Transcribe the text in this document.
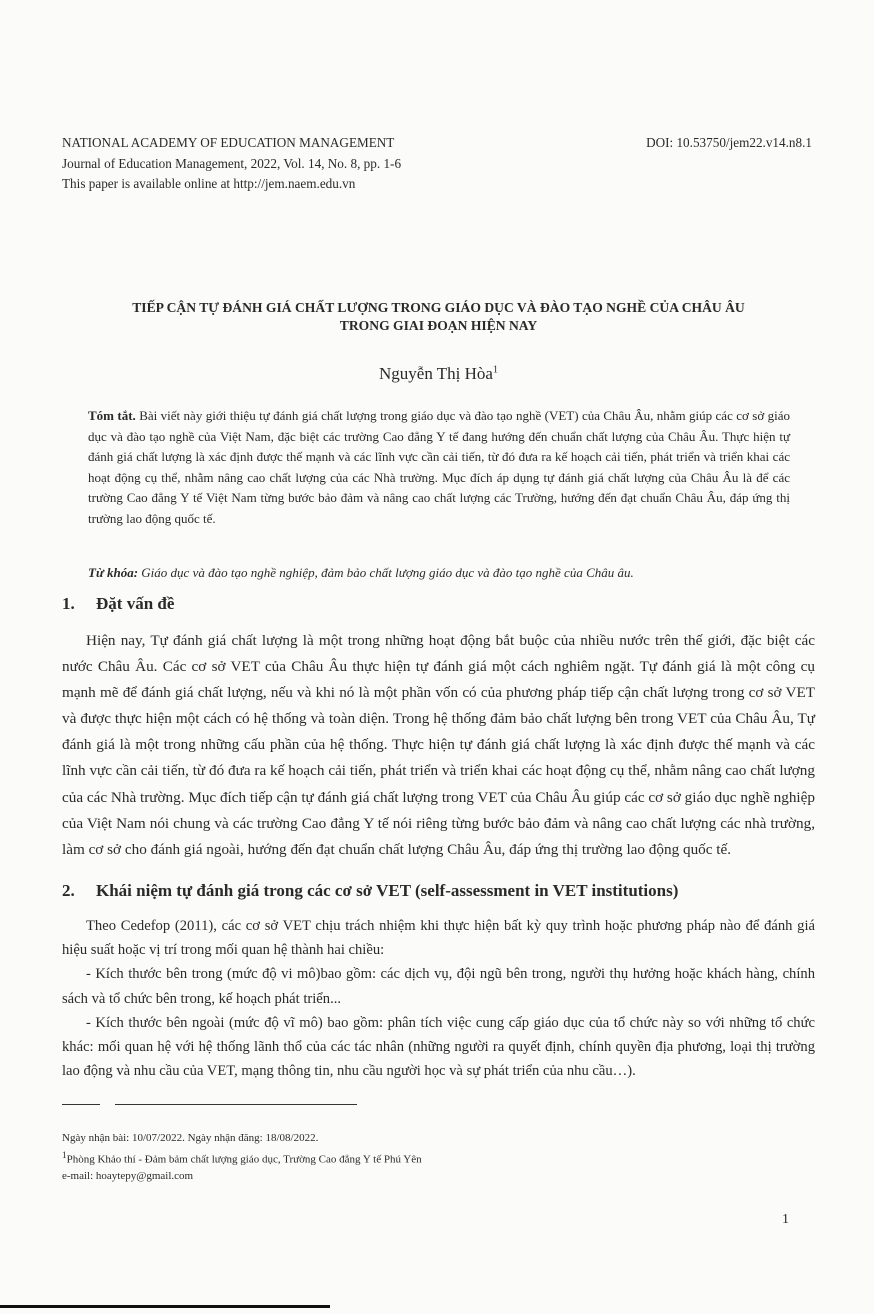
NATIONAL ACADEMY OF EDUCATION MANAGEMENT
Journal of Education Management, 2022, Vol. 14, No. 8, pp. 1-6
This paper is available online at http://jem.naem.edu.vn
DOI: 10.53750/jem22.v14.n8.1
TIẾP CẬN TỰ ĐÁNH GIÁ CHẤT LƯỢNG TRONG GIÁO DỤC VÀ ĐÀO TẠO NGHỀ CỦA CHÂU ÂU
TRONG GIAI ĐOẠN HIỆN NAY
Nguyễn Thị Hòa$^1$
Tóm tắt. Bài viết này giới thiệu tự đánh giá chất lượng trong giáo dục và đào tạo nghề (VET) của Châu Âu, nhằm giúp các cơ sở giáo dục và đào tạo nghề của Việt Nam, đặc biệt các trường Cao đẳng Y tế đang hướng đến chuẩn chất lượng của Châu Âu. Thực hiện tự đánh giá chất lượng là xác định được thế mạnh và các lĩnh vực cần cải tiến, từ đó đưa ra kế hoạch cải tiến, phát triển và triển khai các hoạt động cụ thể, nhằm nâng cao chất lượng của các Nhà trường. Mục đích áp dụng tự đánh giá chất lượng của Châu Âu là để các trường Cao đẳng Y tế Việt Nam từng bước bảo đảm và nâng cao chất lượng các Trường, hướng đến đạt chuẩn Châu Âu, đáp ứng thị trường lao động quốc tế.
Từ khóa: Giáo dục và đào tạo nghề nghiệp, đảm bảo chất lượng giáo dục và đào tạo nghề của Châu âu.
1. Đặt vấn đề

Hiện nay, Tự đánh giá chất lượng là một trong những hoạt động bắt buộc của nhiều nước trên thế giới, đặc biệt các nước Châu Âu. Các cơ sở VET của Châu Âu thực hiện tự đánh giá một cách nghiêm ngặt. Tự đánh giá là một công cụ mạnh mẽ để đánh giá chất lượng, nếu và khi nó là một phần vốn có của phương pháp tiếp cận chất lượng trong cơ sở VET và được thực hiện một cách có hệ thống và toàn diện. Trong hệ thống đảm bảo chất lượng bên trong VET của Châu Âu, Tự đánh giá là một trong những cấu phần của hệ thống. Thực hiện tự đánh giá chất lượng là xác định được thế mạnh và các lĩnh vực cần cải tiến, từ đó đưa ra kế hoạch cải tiến, phát triển và triển khai các hoạt động cụ thể, nhằm nâng cao chất lượng của các Nhà trường. Mục đích tiếp cận tự đánh giá chất lượng trong VET của Châu Âu giúp các cơ sở giáo dục nghề nghiệp của Việt Nam nói chung và các trường Cao đẳng Y tế nói riêng từng bước bảo đảm và nâng cao chất lượng các nhà trường, làm cơ sở cho đánh giá ngoài, hướng đến đạt chuẩn chất lượng Châu Âu, đáp ứng thị trường lao động quốc tế.

2. Khái niệm tự đánh giá trong các cơ sở VET (self-assessment in VET institutions)

Theo Cedefop (2011), các cơ sở VET chịu trách nhiệm khi thực hiện bất kỳ quy trình hoặc phương pháp nào để đánh giá hiệu suất hoặc vị trí trong mối quan hệ thành hai chiều:

- Kích thước bên trong (mức độ vi mô)bao gồm: các dịch vụ, đội ngũ bên trong, người thụ hưởng hoặc khách hàng, chính sách và tổ chức bên trong, kế hoạch phát triển...

- Kích thước bên ngoài (mức độ vĩ mô) bao gồm: phân tích việc cung cấp giáo dục của tổ chức này so với những tổ chức khác: mối quan hệ với hệ thống lãnh thổ của các tác nhân (những người ra quyết định, chính quyền địa phương, loại thị trường lao động và nhu cầu của VET, mạng thông tin, nhu cầu người học và sự phát triển của nhu cầu…).

Ngày nhận bài: 10/07/2022. Ngày nhận đăng: 18/08/2022.
$^1$Phòng Khảo thí - Đảm bảm chất lượng giáo dục, Trường Cao đẳng Y tế Phú Yên
e-mail: hoaytepy@gmail.com
1
